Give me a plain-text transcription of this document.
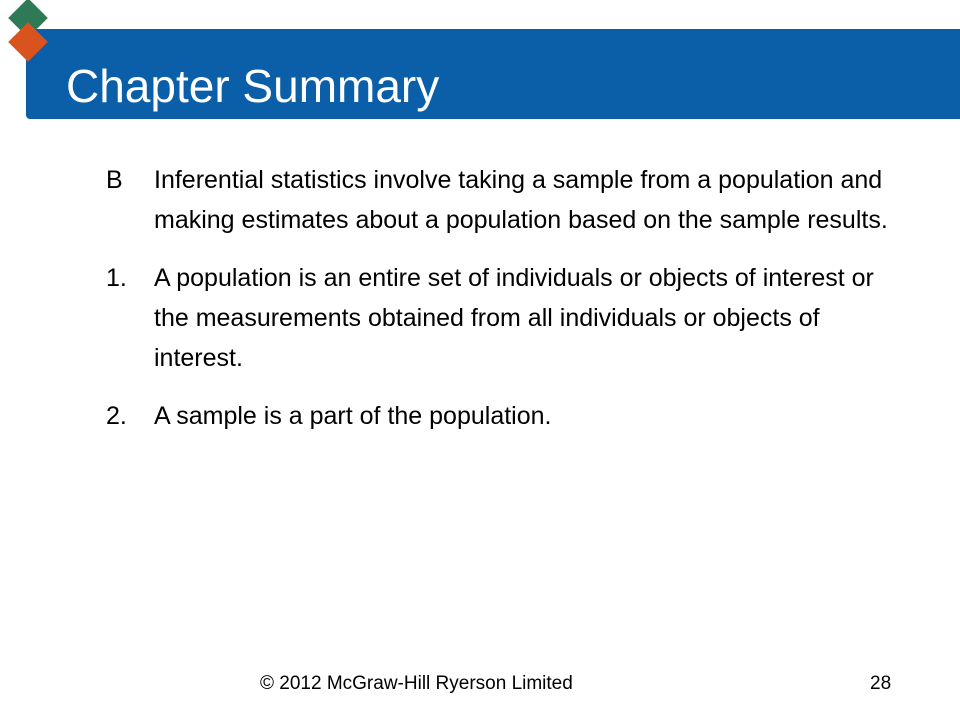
Chapter Summary
B Inferential statistics involve taking a sample from a population and making estimates about a population based on the sample results.
1. A population is an entire set of individuals or objects of interest or the measurements obtained from all individuals or objects of interest.
2. A sample is a part of the population.
© 2012 McGraw-Hill Ryerson Limited	28
